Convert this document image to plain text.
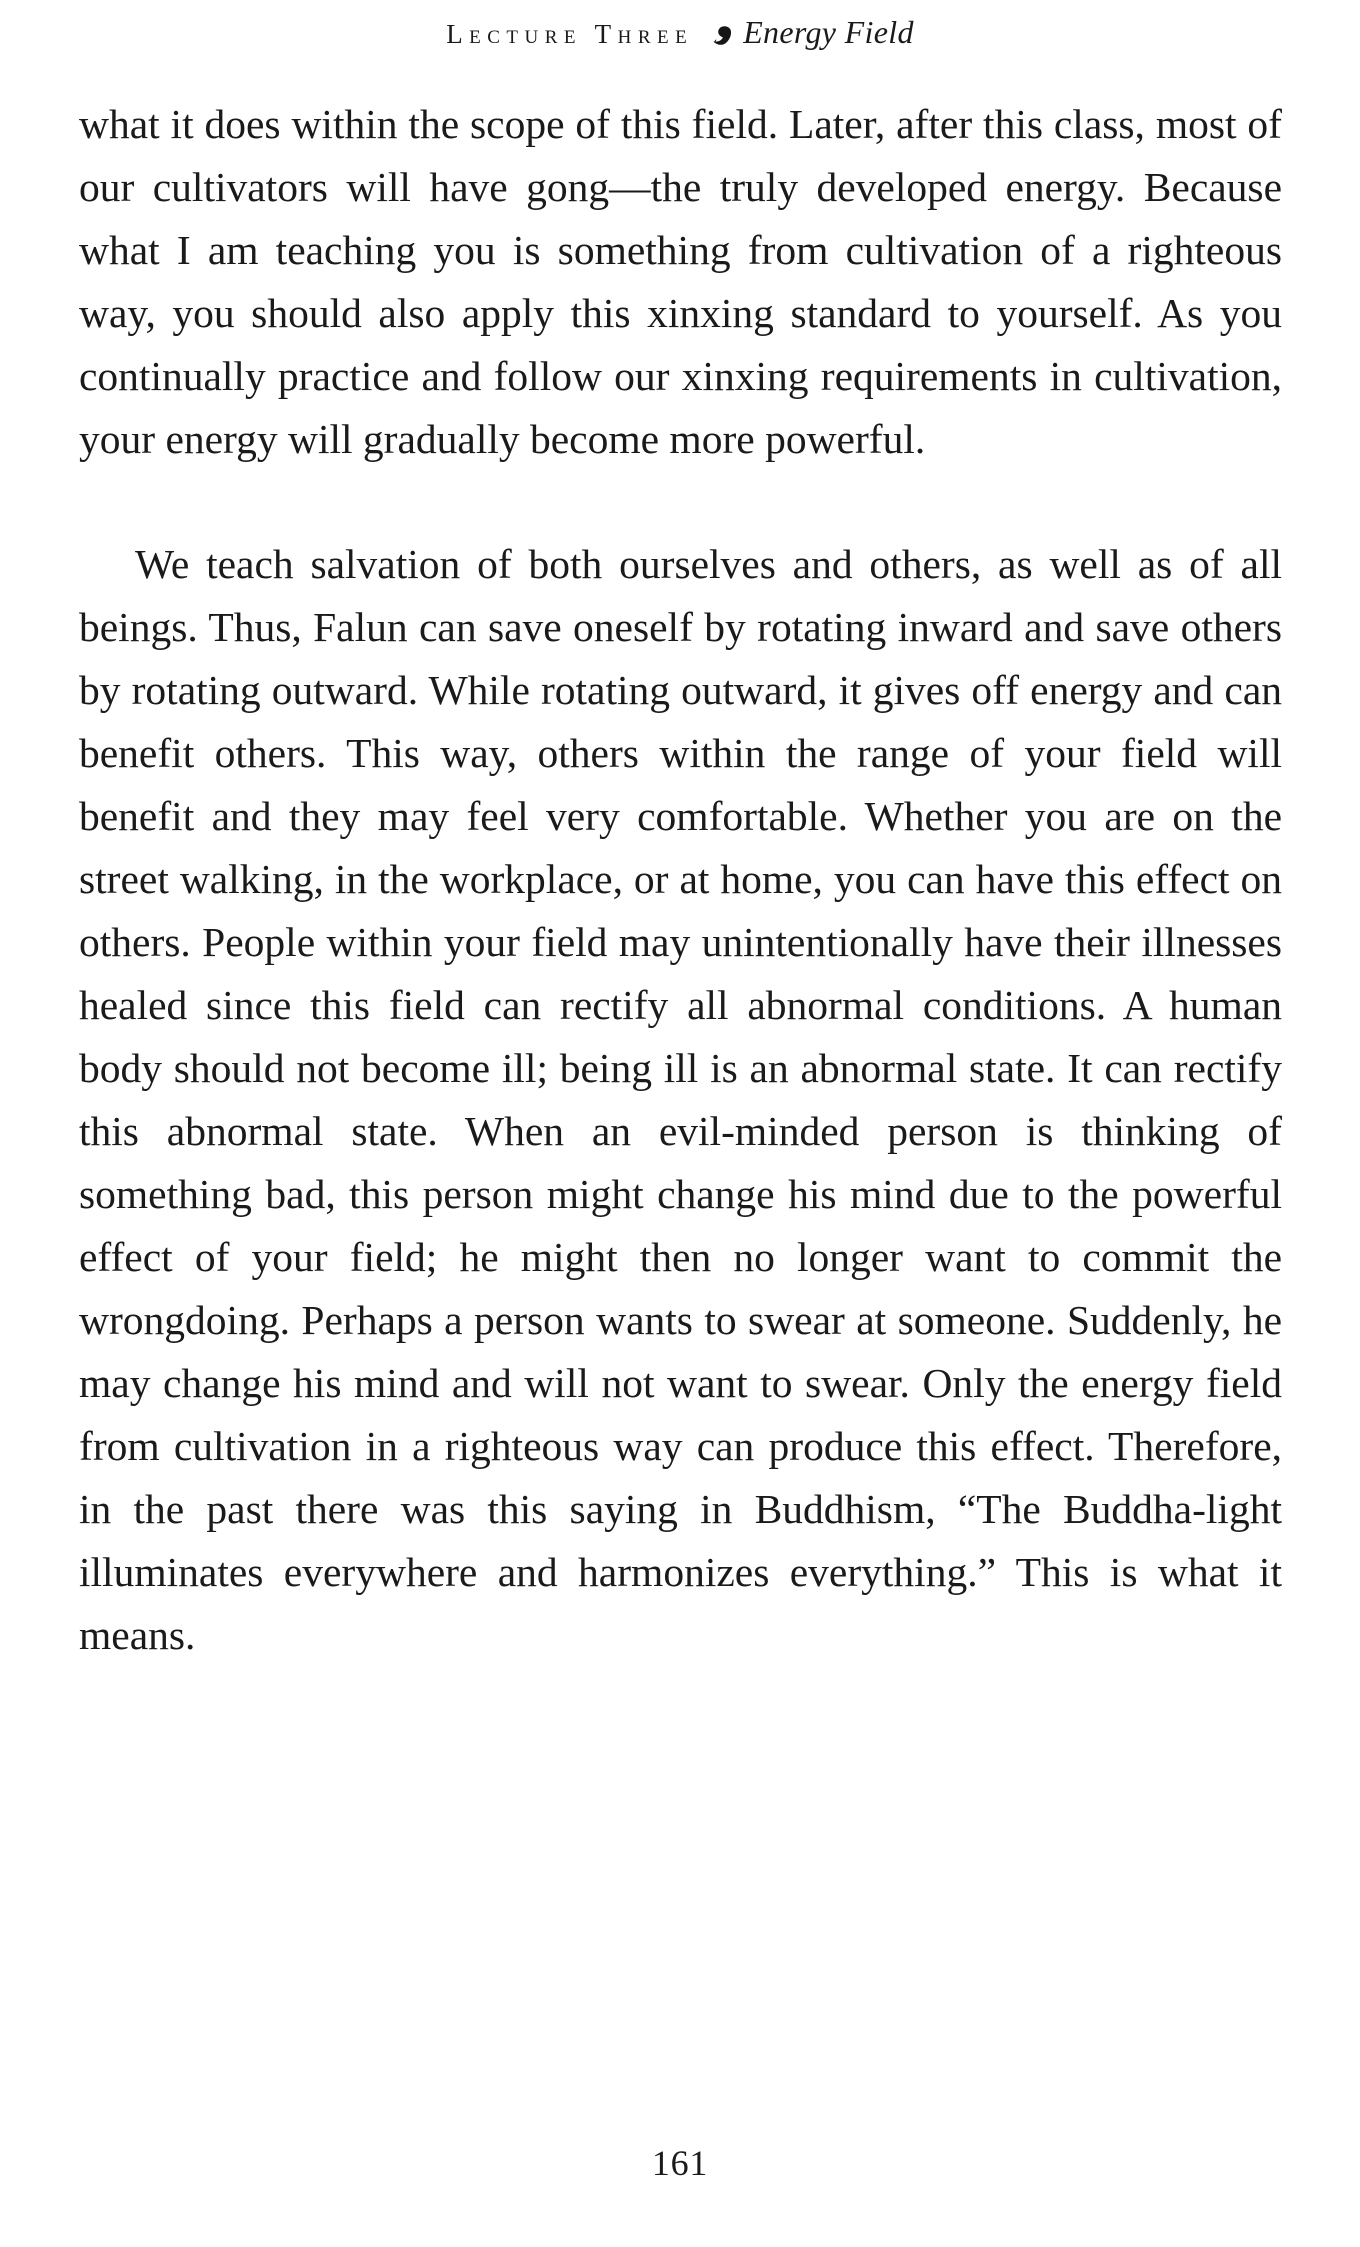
Lecture Three Energy Field

what it does within the scope of this field. Later, after this class, most of our cultivators will have gong—the truly developed energy. Because what I am teaching you is something from cultivation of a righteous way, you should also apply this xinxing standard to yourself. As you continually practice and follow our xinxing requirements in cultivation, your energy will gradually become more powerful.

We teach salvation of both ourselves and others, as well as of all beings. Thus, Falun can save oneself by rotating inward and save others by rotating outward. While rotating outward, it gives off energy and can benefit others. This way, others within the range of your field will benefit and they may feel very comfortable. Whether you are on the street walking, in the workplace, or at home, you can have this effect on others. People within your field may unintentionally have their illnesses healed since this field can rectify all abnormal conditions. A human body should not become ill; being ill is an abnormal state. It can rectify this abnormal state. When an evil-minded person is thinking of something bad, this person might change his mind due to the powerful effect of your field; he might then no longer want to commit the wrongdoing. Perhaps a person wants to swear at someone. Suddenly, he may change his mind and will not want to swear. Only the energy field from cultivation in a righteous way can produce this effect. Therefore, in the past there was this saying in Buddhism, “The Buddha-light illuminates everywhere and harmonizes everything.” This is what it means.

161
